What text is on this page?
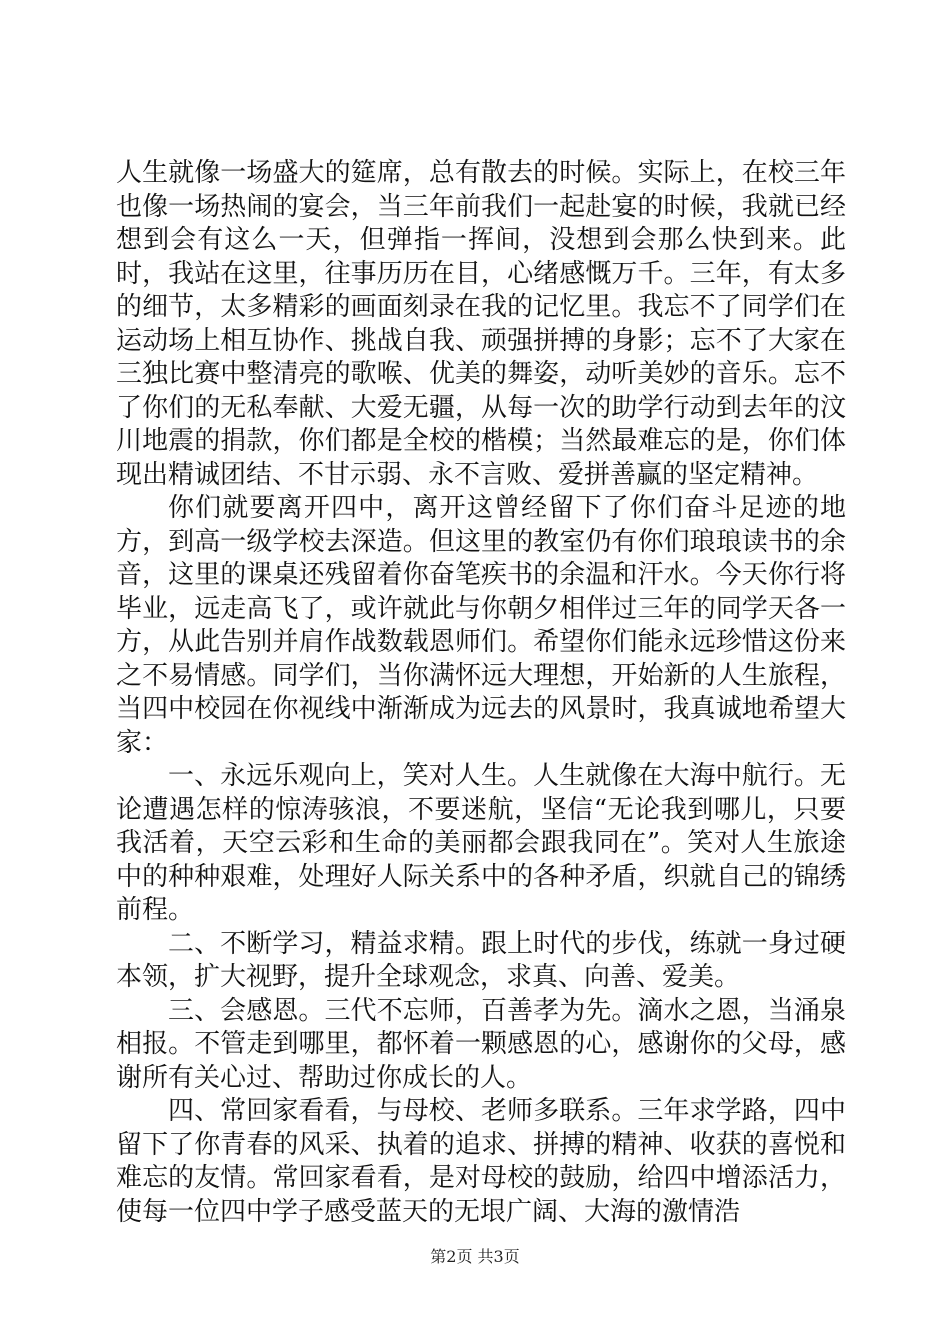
人生就像一场盛大的筵席，总有散去的时候。实际上，在校三年也像一场热闹的宴会，当三年前我们一起赴宴的时候，我就已经想到会有这么一天，但弹指一挥间，没想到会那么快到来。此时，我站在这里，往事历历在目，心绪感慨万千。三年，有太多的细节，太多精彩的画面刻录在我的记忆里。我忘不了同学们在运动场上相互协作、挑战自我、顽强拼搏的身影；忘不了大家在三独比赛中整清亮的歌喉、优美的舞姿，动听美妙的音乐。忘不了你们的无私奉献、大爱无疆，从每一次的助学行动到去年的汶川地震的捐款，你们都是全校的楷模；当然最难忘的是，你们体现出精诚团结、不甘示弱、永不言败、爱拼善赢的坚定精神。

你们就要离开四中，离开这曾经留下了你们奋斗足迹的地方，到高一级学校去深造。但这里的教室仍有你们琅琅读书的余音，这里的课桌还残留着你奋笔疾书的余温和汗水。今天你行将毕业，远走高飞了，或许就此与你朝夕相伴过三年的同学天各一方，从此告别并肩作战数载恩师们。希望你们能永远珍惜这份来之不易情感。同学们，当你满怀远大理想，开始新的人生旅程，当四中校园在你视线中渐渐成为远去的风景时，我真诚地希望大家：

一、永远乐观向上，笑对人生。人生就像在大海中航行。无论遭遇怎样的惊涛骇浪，不要迷航，坚信“无论我到哪儿，只要我活着，天空云彩和生命的美丽都会跟我同在”。笑对人生旅途中的种种艰难，处理好人际关系中的各种矛盾，织就自己的锦绣前程。

二、不断学习，精益求精。跟上时代的步伐，练就一身过硬本领，扩大视野，提升全球观念，求真、向善、爱美。

三、会感恩。三代不忘师，百善孝为先。滴水之恩，当涌泉相报。不管走到哪里，都怀着一颗感恩的心，感谢你的父母，感谢所有关心过、帮助过你成长的人。

四、常回家看看，与母校、老师多联系。三年求学路，四中留下了你青春的风采、执着的追求、拼搏的精神、收获的喜悦和难忘的友情。常回家看看，是对母校的鼓励，给四中增添活力，使每一位四中学子感受蓝天的无垠广阔、大海的激情浩

第2页 共3页
